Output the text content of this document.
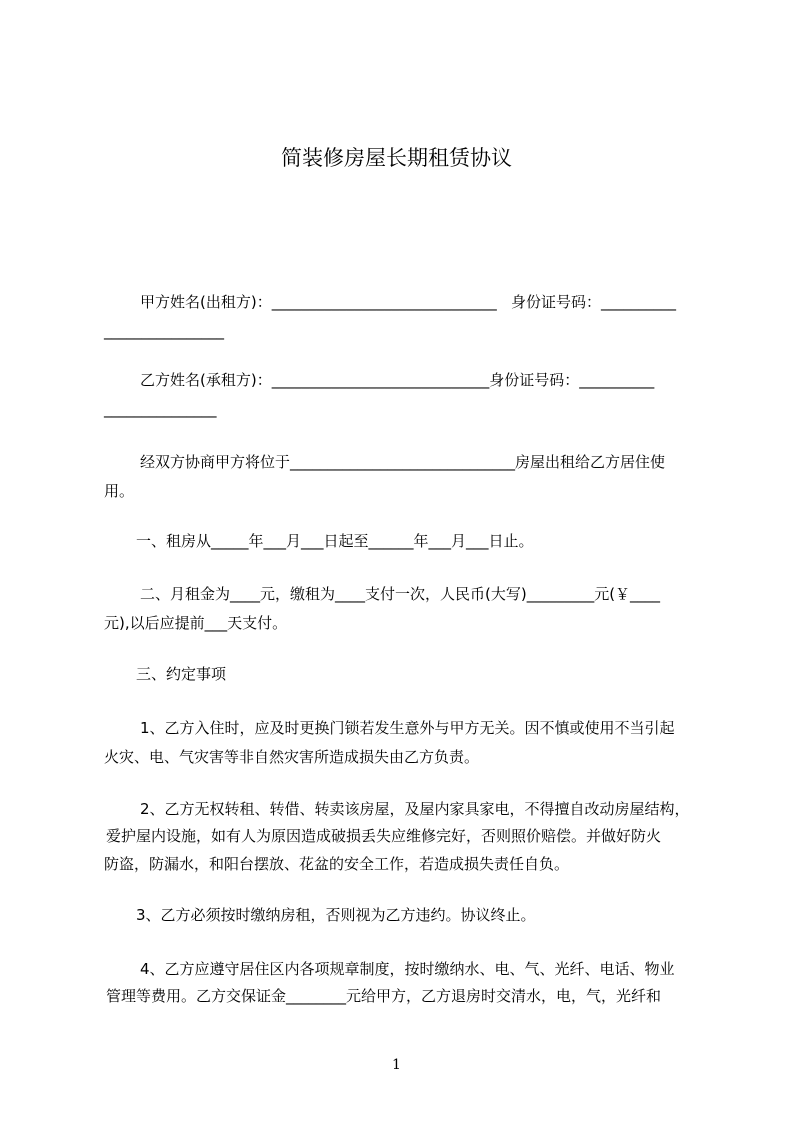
简装修房屋长期租赁协议
甲方姓名(出租方)：______________________________   身份证号码：__________
________________
乙方姓名(承租方)：_____________________________身份证号码：__________
_______________
经双方协商甲方将位于______________________________房屋出租给乙方居住使
用。
一、租房从_____年___月___日起至______年___月___日止。
二、月租金为____元，缴租为____支付一次，人民币(大写)_________元(￥____
元),以后应提前___天支付。
三、约定事项
1、乙方入住时，应及时更换门锁若发生意外与甲方无关。因不慎或使用不当引起
火灾、电、气灾害等非自然灾害所造成损失由乙方负责。
2、乙方无权转租、转借、转卖该房屋，及屋内家具家电，不得擅自改动房屋结构，
爱护屋内设施，如有人为原因造成破损丢失应维修完好，否则照价赔偿。并做好防火
防盗，防漏水，和阳台摆放、花盆的安全工作，若造成损失责任自负。
3、乙方必须按时缴纳房租，否则视为乙方违约。协议终止。
4、乙方应遵守居住区内各项规章制度，按时缴纳水、电、气、光纤、电话、物业
管理等费用。乙方交保证金________元给甲方，乙方退房时交清水，电，气，光纤和
1
